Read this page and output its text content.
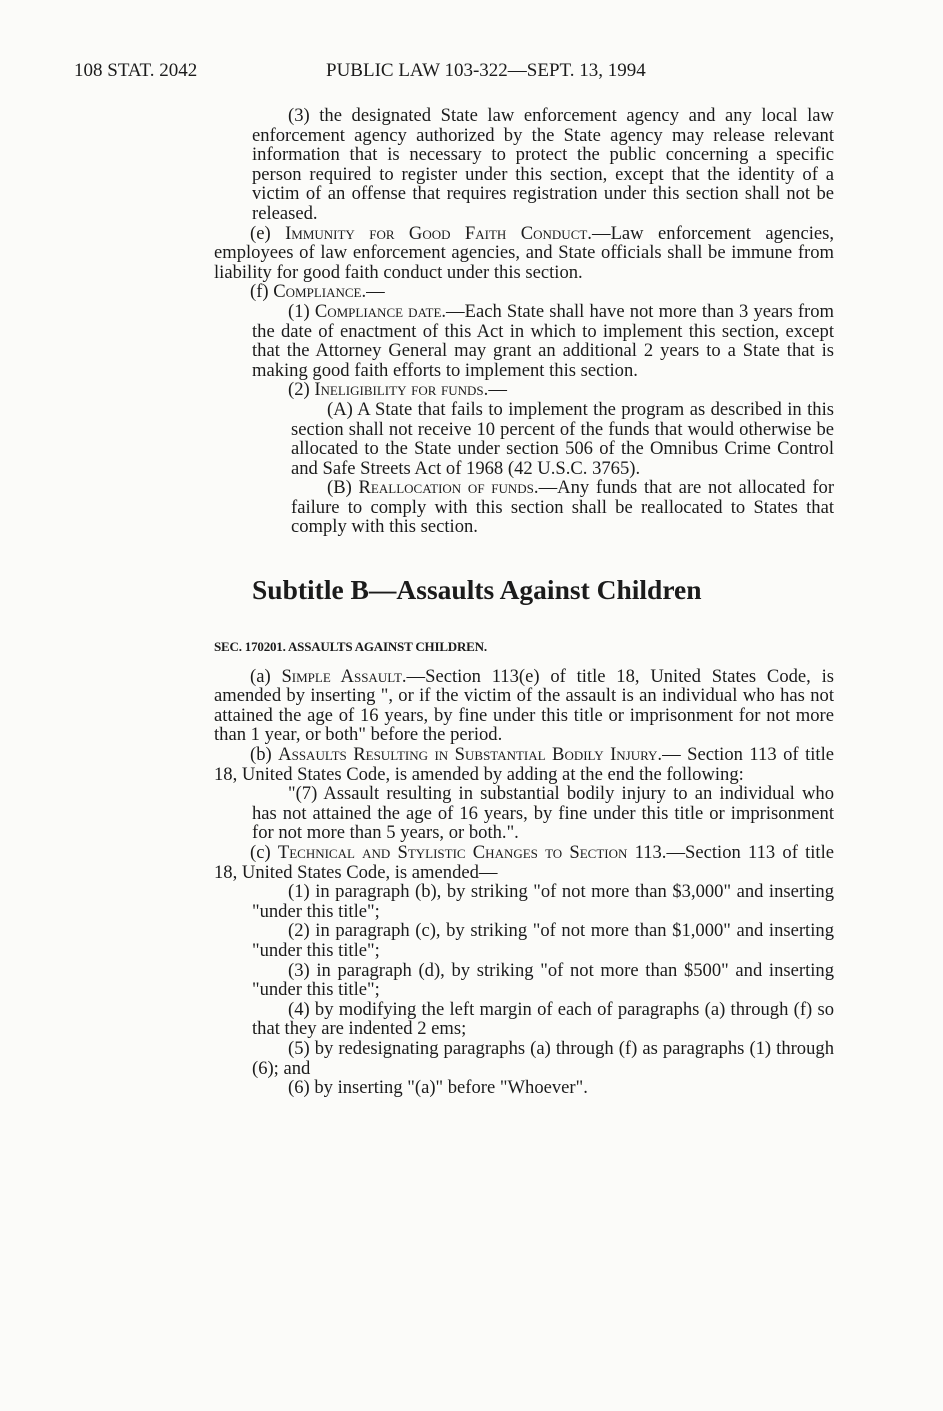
108 STAT. 2042	PUBLIC LAW 103-322—SEPT. 13, 1994

(3) the designated State law enforcement agency and any local law enforcement agency authorized by the State agency may release relevant information that is necessary to protect the public concerning a specific person required to register under this section, except that the identity of a victim of an offense that requires registration under this section shall not be released.

(e) Immunity for Good Faith Conduct.—Law enforcement agencies, employees of law enforcement agencies, and State officials shall be immune from liability for good faith conduct under this section.

(f) Compliance.—

(1) Compliance date.—Each State shall have not more than 3 years from the date of enactment of this Act in which to implement this section, except that the Attorney General may grant an additional 2 years to a State that is making good faith efforts to implement this section.

(2) Ineligibility for funds.—

(A) A State that fails to implement the program as described in this section shall not receive 10 percent of the funds that would otherwise be allocated to the State under section 506 of the Omnibus Crime Control and Safe Streets Act of 1968 (42 U.S.C. 3765).

(B) Reallocation of funds.—Any funds that are not allocated for failure to comply with this section shall be reallocated to States that comply with this section.

Subtitle B—Assaults Against Children

SEC. 170201. ASSAULTS AGAINST CHILDREN.

(a) Simple Assault.—Section 113(e) of title 18, United States Code, is amended by inserting ", or if the victim of the assault is an individual who has not attained the age of 16 years, by fine under this title or imprisonment for not more than 1 year, or both" before the period.

(b) Assaults Resulting in Substantial Bodily Injury.— Section 113 of title 18, United States Code, is amended by adding at the end the following:

"(7) Assault resulting in substantial bodily injury to an individual who has not attained the age of 16 years, by fine under this title or imprisonment for not more than 5 years, or both.".

(c) Technical and Stylistic Changes to Section 113.—Section 113 of title 18, United States Code, is amended—

(1) in paragraph (b), by striking "of not more than $3,000" and inserting "under this title";

(2) in paragraph (c), by striking "of not more than $1,000" and inserting "under this title";

(3) in paragraph (d), by striking "of not more than $500" and inserting "under this title";

(4) by modifying the left margin of each of paragraphs (a) through (f) so that they are indented 2 ems;

(5) by redesignating paragraphs (a) through (f) as paragraphs (1) through (6); and

(6) by inserting "(a)" before "Whoever".
